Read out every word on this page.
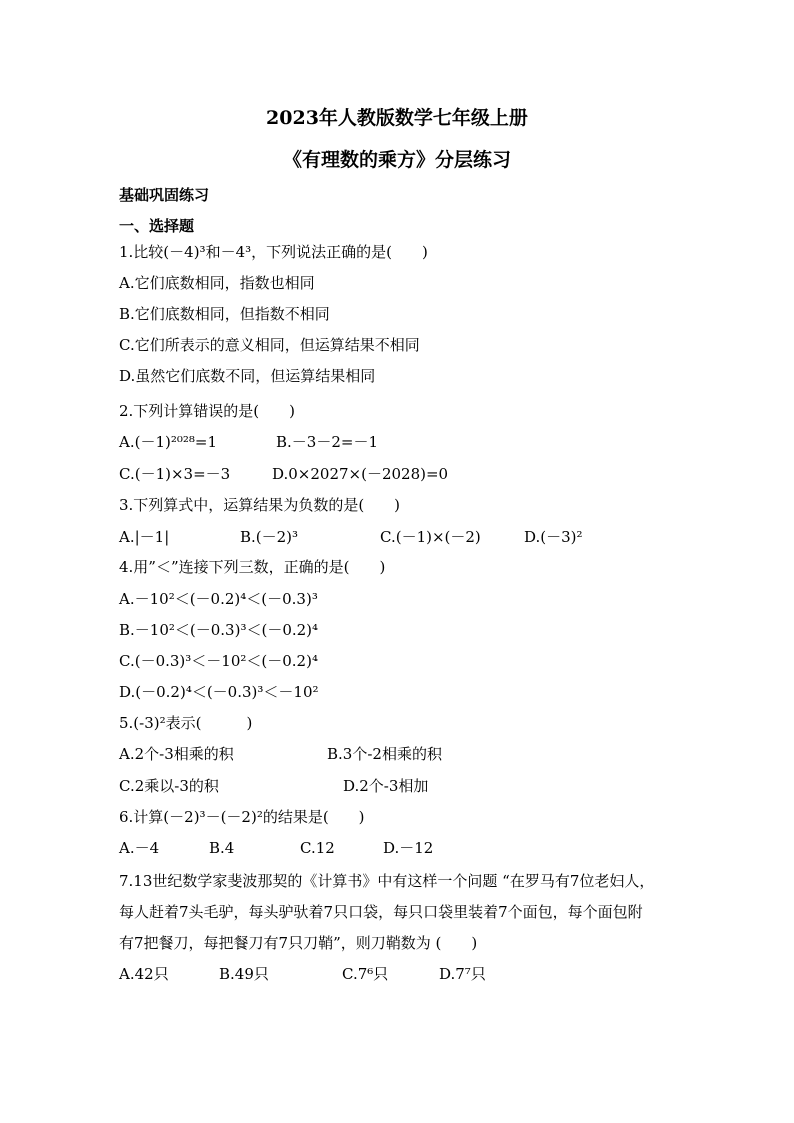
2023年人教版数学七年级上册
《有理数的乘方》分层练习
基础巩固练习
一、选择题
1.比较(－4)³和－4³，下列说法正确的是(　　)
A.它们底数相同，指数也相同
B.它们底数相同，但指数不相同
C.它们所表示的意义相同，但运算结果不相同
D.虽然它们底数不同，但运算结果相同
2.下列计算错误的是(　　)
A.(－1)²⁰²⁸=1	B.－3－2=－1
C.(－1)×3=－3	D.0×2027×(－2028)=0
3.下列算式中，运算结果为负数的是(　　)
A.|－1|	B.(－2)³	C.(－1)×(－2)	D.(－3)²
4.用”＜”连接下列三数，正确的是(　　)
A.－10²＜(－0.2)⁴＜(－0.3)³
B.－10²＜(－0.3)³＜(－0.2)⁴
C.(－0.3)³＜－10²＜(－0.2)⁴
D.(－0.2)⁴＜(－0.3)³＜－10²
5.(-3)²表示(　　　)
A.2个-3相乘的积	B.3个-2相乘的积
C.2乘以-3的积	D.2个-3相加
6.计算(－2)³－(－2)²的结果是(　　)
A.－4	B.4	C.12	D.－12
7.13世纪数学家斐波那契的《计算书》中有这样一个问题 “在罗马有7位老妇人，
每人赶着7头毛驴，每头驴驮着7只口袋，每只口袋里装着7个面包，每个面包附
有7把餐刀，每把餐刀有7只刀鞘”，则刀鞘数为 (　　)
A.42只	B.49只	C.7⁶只	D.7⁷只
